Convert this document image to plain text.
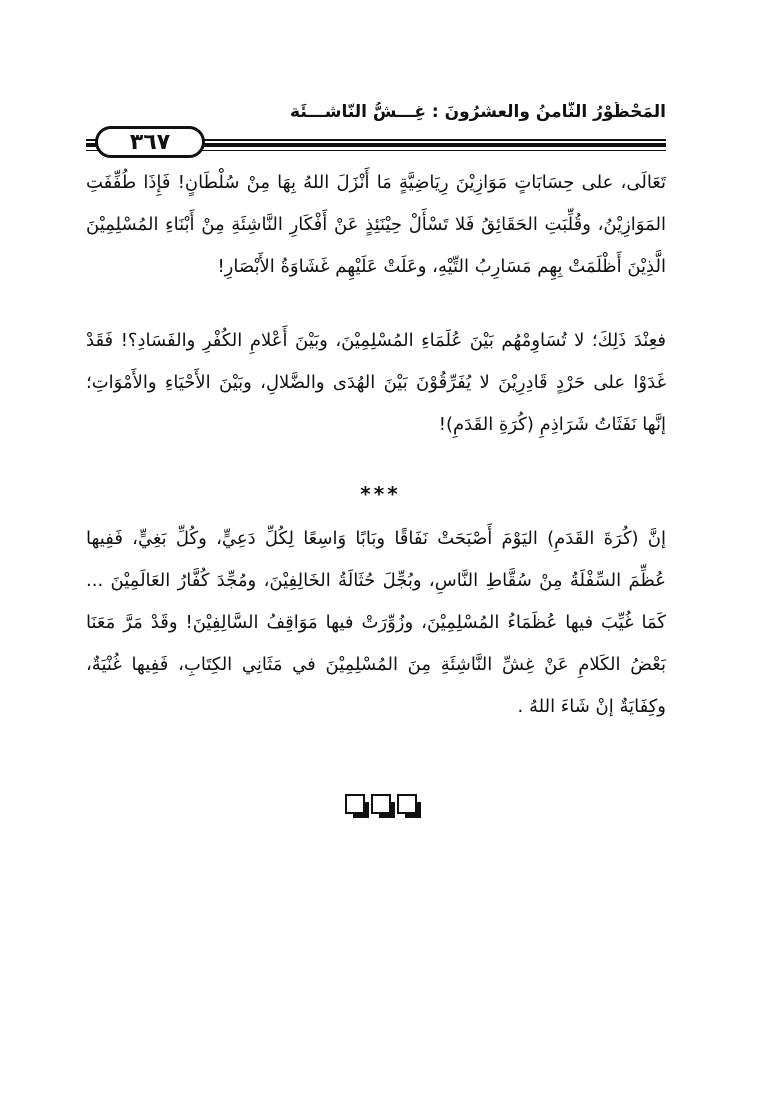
المَحْظُوْرُ الثّامنُ والعشرُونَ : غِـــشُّ النّاشـــئَة
٣٦٧

تَعَالَى، على حِسَابَاتٍ مَوَازِيْنَ رِيَاضِيَّةٍ مَا أَنْزَلَ اللهُ بِهَا مِنْ سُلْطَانٍ! فَإِذَا طُفِّفَتِ المَوَازِيْنُ، وقُلِّبَتِ الحَقَائِقُ فَلا تَسْأَلْ حِيْنَئِذٍ عَنْ أَفْكَارِ النَّاشِئَةِ مِنْ أَبْنَاءِ المُسْلِمِيْنَ الَّذِيْنَ أَظْلَمَتْ بِهِم مَسَارِبُ التِّيْهِ، وعَلَتْ عَلَيْهِم غَشَاوَةُ الأَبْصَارِ!

فعِنْدَ ذَلِكَ؛ لا تُسَاوِمْهُم بَيْنَ عُلَمَاءِ المُسْلِمِيْنَ، وبَيْنَ أَعْلامِ الكُفْرِ والفَسَادِ؟! فَقَدْ غَدَوْا على حَرْدٍ قَادِرِيْنَ لا يُفَرِّقُوْنَ بَيْنَ الهُدَى والضَّلالِ، وبَيْنَ الأَحْيَاءِ والأَمْوَاتِ؛ إنَّها نَفَثَاتُ شَرَاذِمِ (كُرَةِ القَدَمِ)!

***

إنَّ (كُرَةَ القَدَمِ) اليَوْمَ أَصْبَحَتْ نَفَاقًا وبَابًا وَاسِعًا لِكُلِّ دَعِيٍّ، وكُلِّ بَغِيٍّ، فَفِيها عُظِّمَ السِّفْلَةُ مِنْ سُقَّاطِ النَّاسِ، وبُجِّلَ حُثَالَةُ الخَالِفِيْنَ، ومُجِّدَ كُفَّارُ العَالَمِيْنَ ... كَمَا غُيِّبَ فيها عُظَمَاءُ المُسْلِمِيْنَ، وزُوِّرَتْ فيها مَوَاقِفُ السَّالِفِيْنَ! وقَدْ مَرَّ مَعَنَا بَعْضُ الكَلامِ عَنْ غِشِّ النَّاشِئَةِ مِنَ المُسْلِمِيْنَ في مَثَانِي الكِتَابِ، فَفِيها غُنْيَةٌ، وكِفَايَةٌ إنْ شَاءَ اللهُ .
